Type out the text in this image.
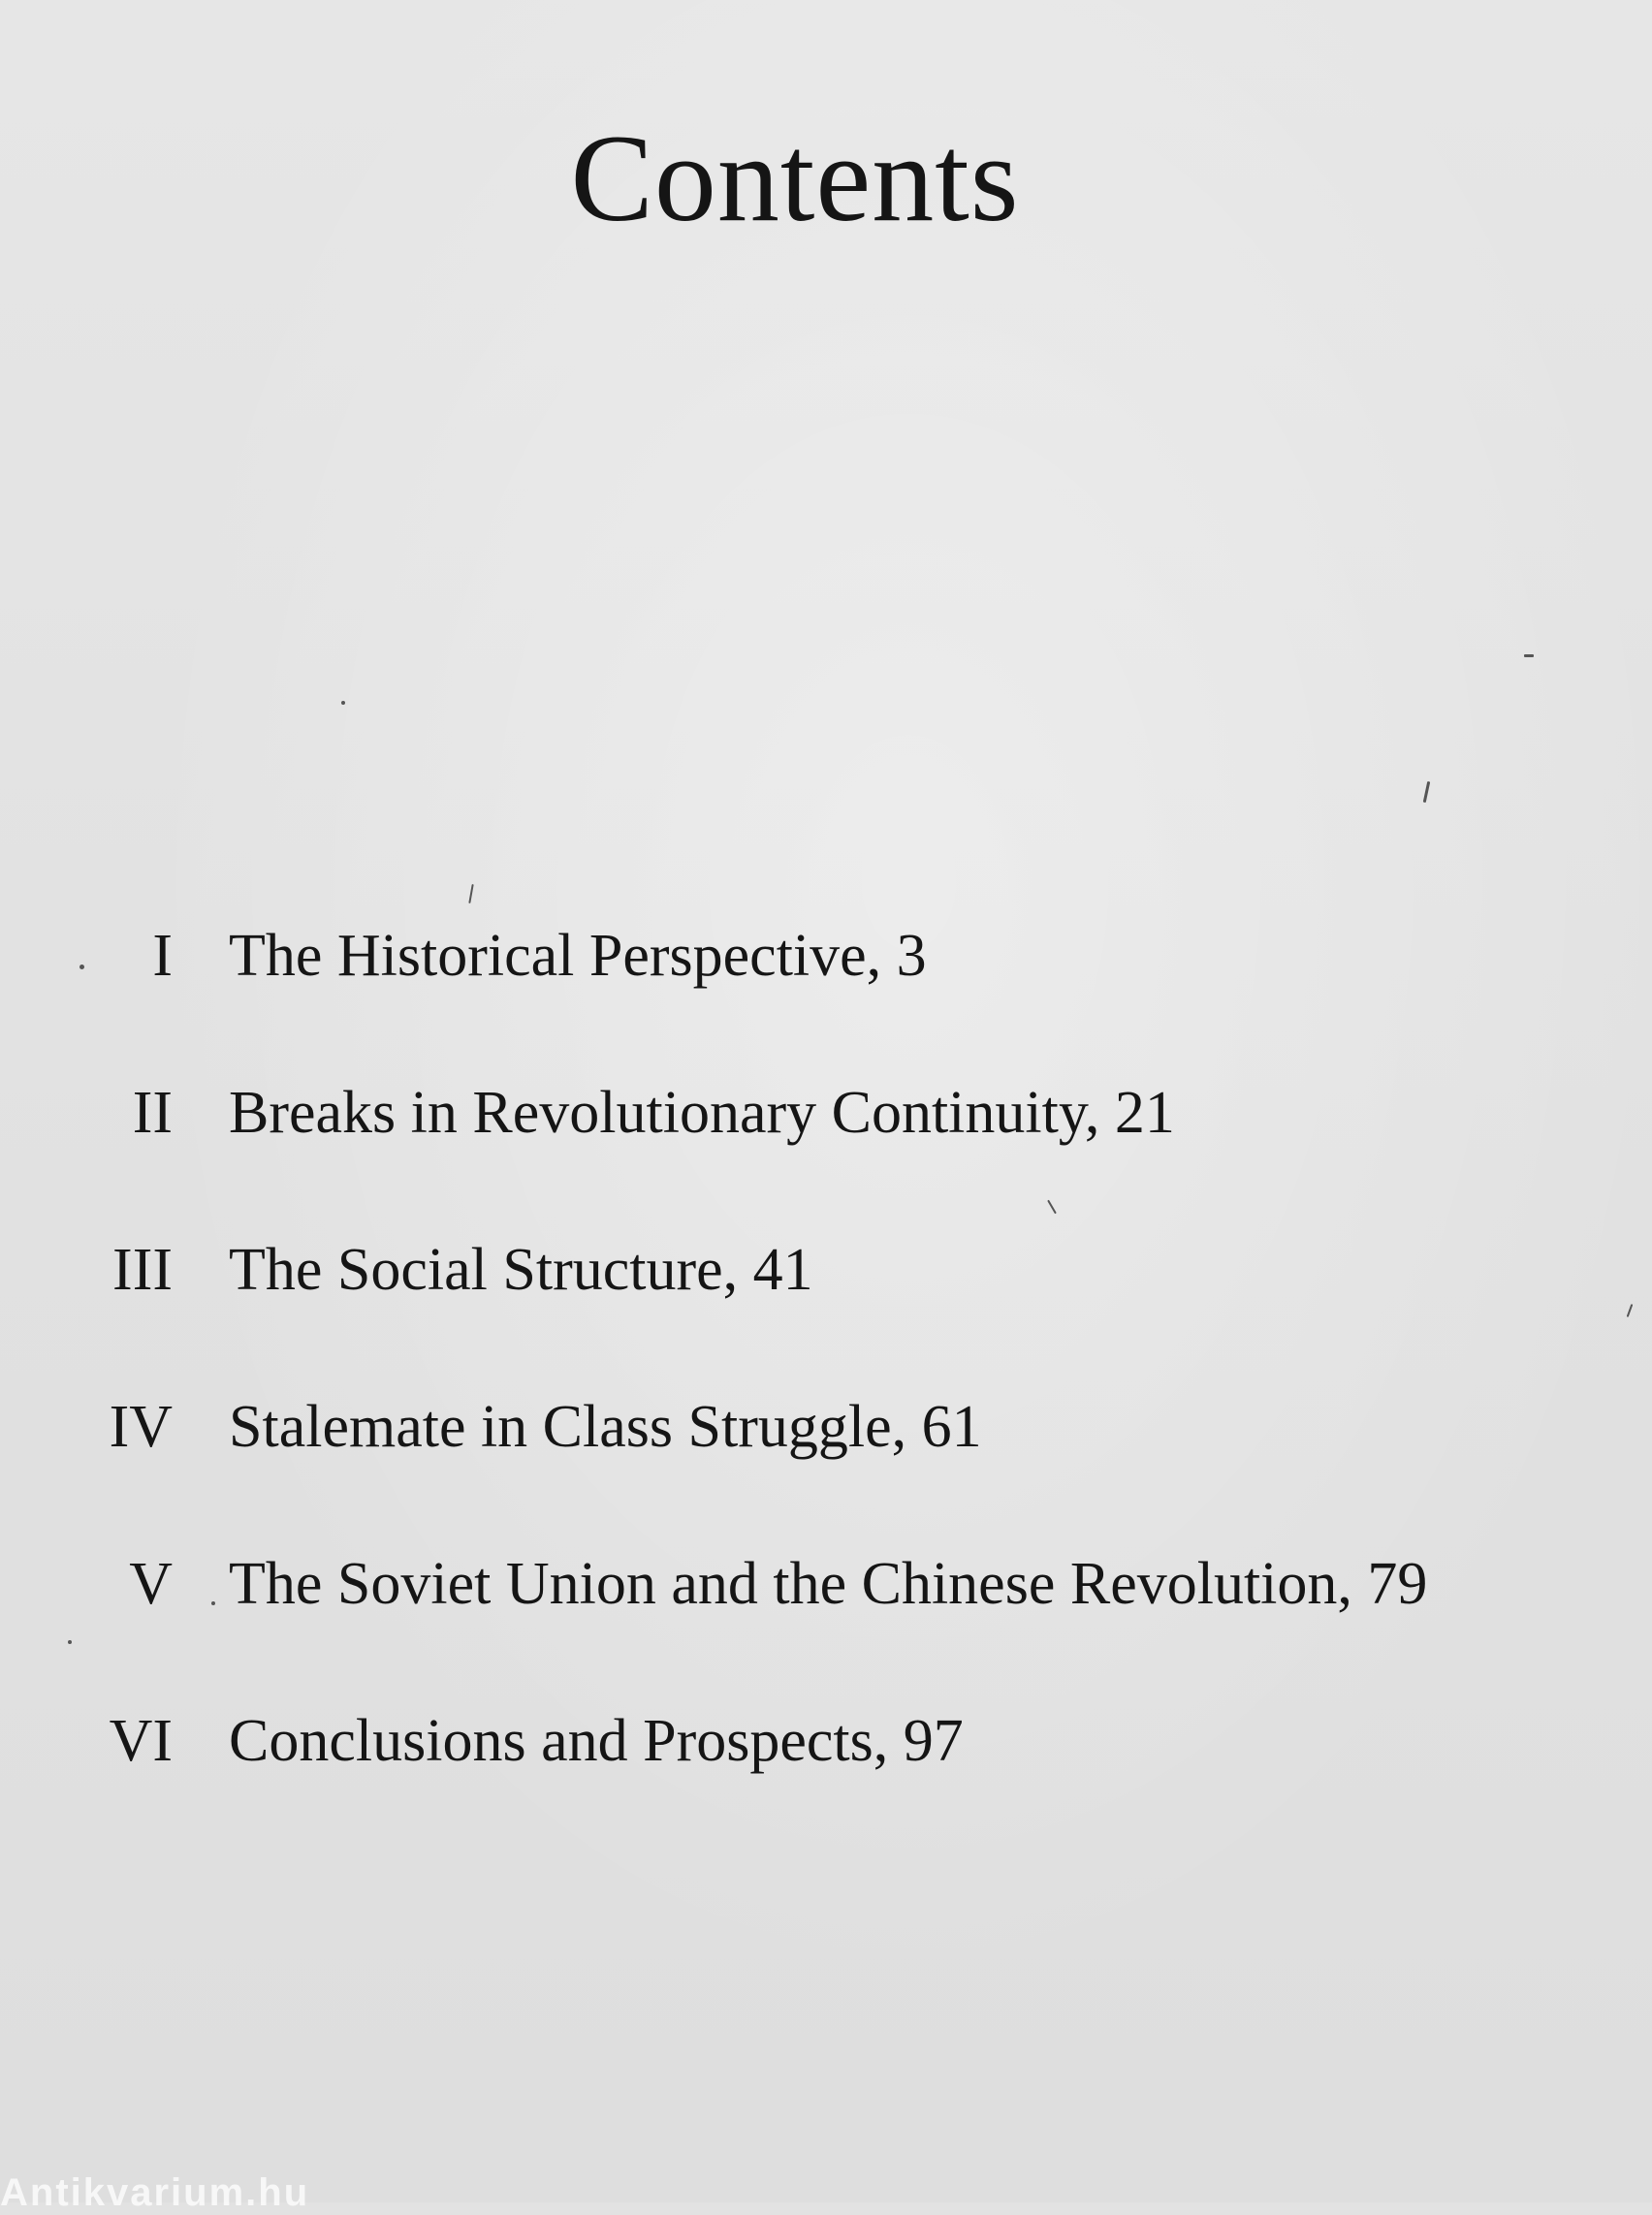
Contents
I The Historical Perspective, 3
II Breaks in Revolutionary Continuity, 21
III The Social Structure, 41
IV Stalemate in Class Struggle, 61
V The Soviet Union and the Chinese Revolution, 79
VI Conclusions and Prospects, 97
Antikvarium.hu
